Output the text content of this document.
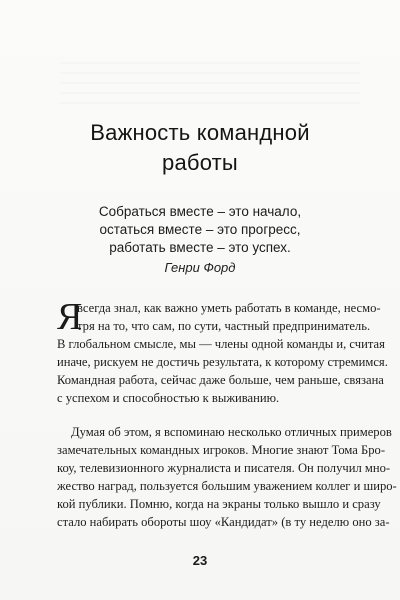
Важность командной
работы
Собраться вместе – это начало,
остаться вместе – это прогресс,
работать вместе – это успех.
Генри Форд
Я
всегда знал, как важно уметь работать в команде, несмо-
тря на то, что сам, по сути, частный предприниматель.
В глобальном смысле, мы — члены одной команды и, считая
иначе, рискуем не достичь результата, к которому стремимся.
Командная работа, сейчас даже больше, чем раньше, связана
с успехом и способностью к выживанию.
Думая об этом, я вспоминаю несколько отличных примеров
замечательных командных игроков. Многие знают Тома Бро-
коу, телевизионного журналиста и писателя. Он получил мно-
жество наград, пользуется большим уважением коллег и широ-
кой публики. Помню, когда на экраны только вышло и сразу
стало набирать обороты шоу «Кандидат» (в ту неделю оно за-
23
